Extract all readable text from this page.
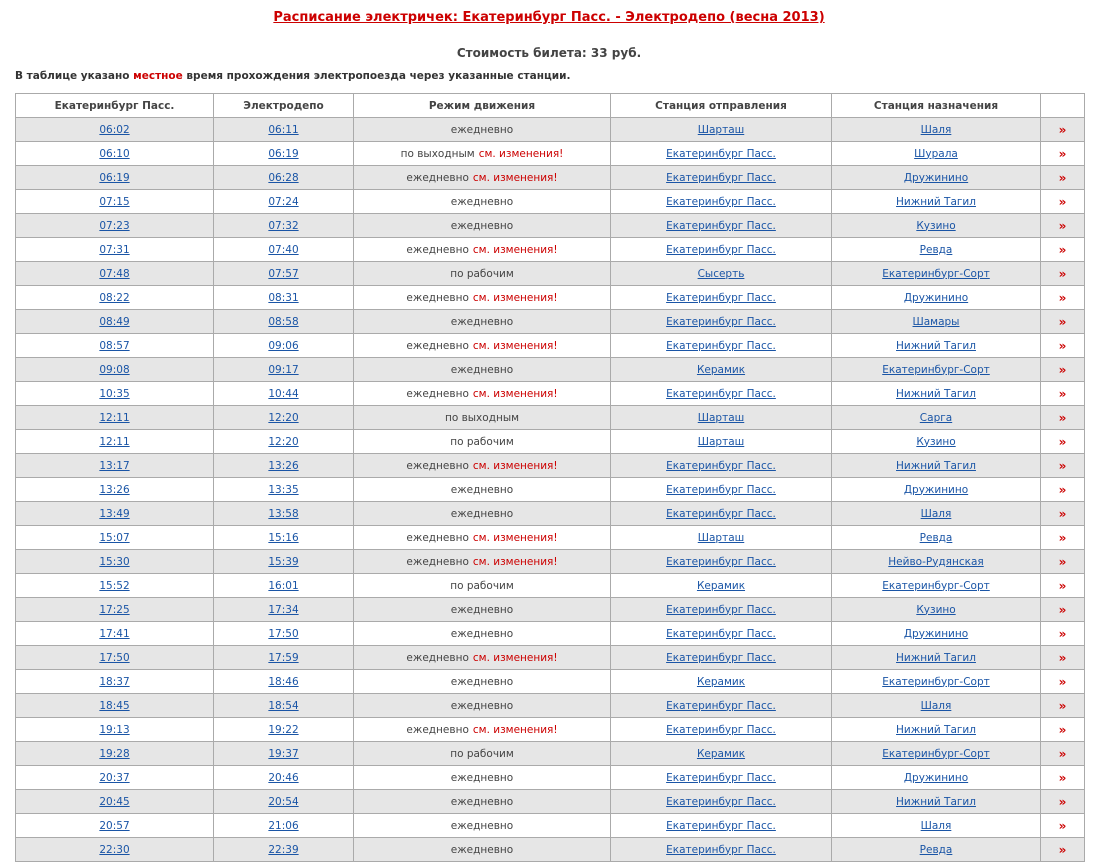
Расписание электричек: Екатеринбург Пасс. - Электродепо (весна 2013)
Стоимость билета: 33 руб.
В таблице указано местное время прохождения электропоезда через указанные станции.
Екатеринбург Пасс.	Электродепо	Режим движения	Станция отправления	Станция назначения	
06:02	06:11	ежедневно	Шарташ	Шаля	»
06:10	06:19	по выходным см. изменения!	Екатеринбург Пасс.	Шурала	»
06:19	06:28	ежедневно см. изменения!	Екатеринбург Пасс.	Дружинино	»
07:15	07:24	ежедневно	Екатеринбург Пасс.	Нижний Тагил	»
07:23	07:32	ежедневно	Екатеринбург Пасс.	Кузино	»
07:31	07:40	ежедневно см. изменения!	Екатеринбург Пасс.	Ревда	»
07:48	07:57	по рабочим	Сысерть	Екатеринбург-Сорт	»
08:22	08:31	ежедневно см. изменения!	Екатеринбург Пасс.	Дружинино	»
08:49	08:58	ежедневно	Екатеринбург Пасс.	Шамары	»
08:57	09:06	ежедневно см. изменения!	Екатеринбург Пасс.	Нижний Тагил	»
09:08	09:17	ежедневно	Керамик	Екатеринбург-Сорт	»
10:35	10:44	ежедневно см. изменения!	Екатеринбург Пасс.	Нижний Тагил	»
12:11	12:20	по выходным	Шарташ	Сарга	»
12:11	12:20	по рабочим	Шарташ	Кузино	»
13:17	13:26	ежедневно см. изменения!	Екатеринбург Пасс.	Нижний Тагил	»
13:26	13:35	ежедневно	Екатеринбург Пасс.	Дружинино	»
13:49	13:58	ежедневно	Екатеринбург Пасс.	Шаля	»
15:07	15:16	ежедневно см. изменения!	Шарташ	Ревда	»
15:30	15:39	ежедневно см. изменения!	Екатеринбург Пасс.	Нейво-Рудянская	»
15:52	16:01	по рабочим	Керамик	Екатеринбург-Сорт	»
17:25	17:34	ежедневно	Екатеринбург Пасс.	Кузино	»
17:41	17:50	ежедневно	Екатеринбург Пасс.	Дружинино	»
17:50	17:59	ежедневно см. изменения!	Екатеринбург Пасс.	Нижний Тагил	»
18:37	18:46	ежедневно	Керамик	Екатеринбург-Сорт	»
18:45	18:54	ежедневно	Екатеринбург Пасс.	Шаля	»
19:13	19:22	ежедневно см. изменения!	Екатеринбург Пасс.	Нижний Тагил	»
19:28	19:37	по рабочим	Керамик	Екатеринбург-Сорт	»
20:37	20:46	ежедневно	Екатеринбург Пасс.	Дружинино	»
20:45	20:54	ежедневно	Екатеринбург Пасс.	Нижний Тагил	»
20:57	21:06	ежедневно	Екатеринбург Пасс.	Шаля	»
22:30	22:39	ежедневно	Екатеринбург Пасс.	Ревда	»
